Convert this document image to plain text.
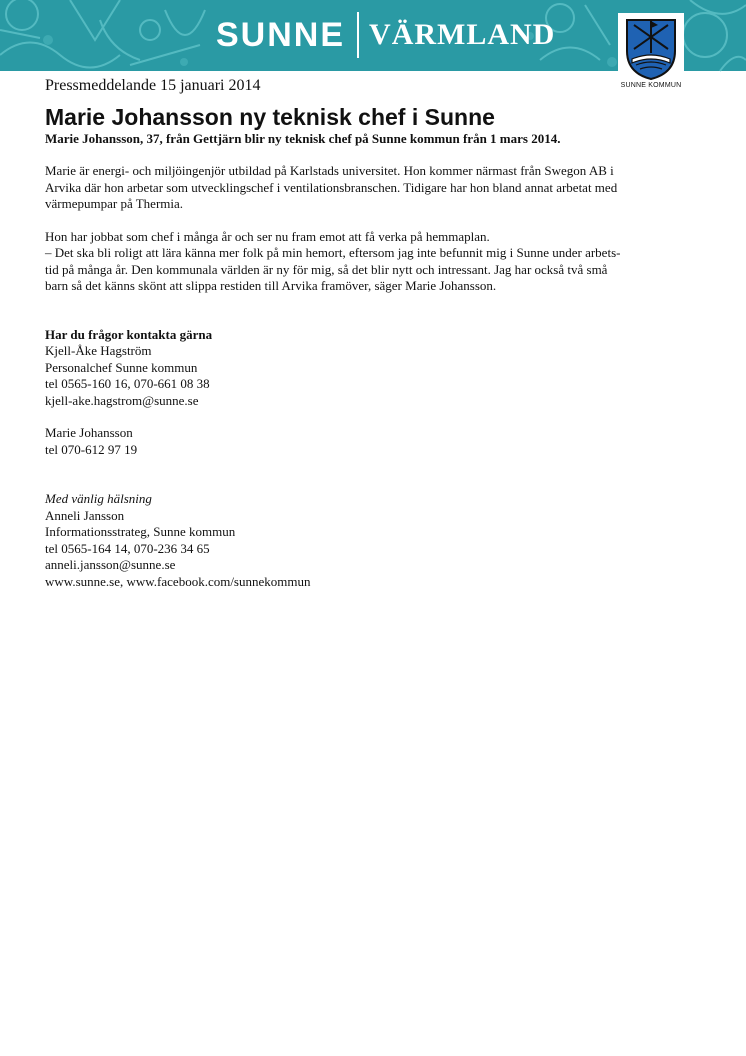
SUNNE VÄRMLAND
SUNNE KOMMUN

Pressmeddelande 15 januari 2014

Marie Johansson ny teknisk chef i Sunne

Marie Johansson, 37, från Gettjärn blir ny teknisk chef på Sunne kommun från 1 mars 2014.

Marie är energi- och miljöingenjör utbildad på Karlstads universitet. Hon kommer närmast från Swegon AB i
Arvika där hon arbetar som utvecklingschef i ventilationsbranschen. Tidigare har hon bland annat arbetat med
värmepumpar på Thermia.
Hon har jobbat som chef i många år och ser nu fram emot att få verka på hemmaplan.
– Det ska bli roligt att lära känna mer folk på min hemort, eftersom jag inte befunnit mig i Sunne under arbets-
tid på många år. Den kommunala världen är ny för mig, så det blir nytt och intressant. Jag har också två små
barn så det känns skönt att slippa restiden till Arvika framöver, säger Marie Johansson.
Har du frågor kontakta gärna
Kjell-Åke Hagström
Personalchef Sunne kommun
tel 0565-160 16, 070-661 08 38
kjell-ake.hagstrom@sunne.se
Marie Johansson
tel 070-612 97 19
Med vänlig hälsning
Anneli Jansson
Informationsstrateg, Sunne kommun
tel 0565-164 14, 070-236 34 65
anneli.jansson@sunne.se
www.sunne.se, www.facebook.com/sunnekommun
